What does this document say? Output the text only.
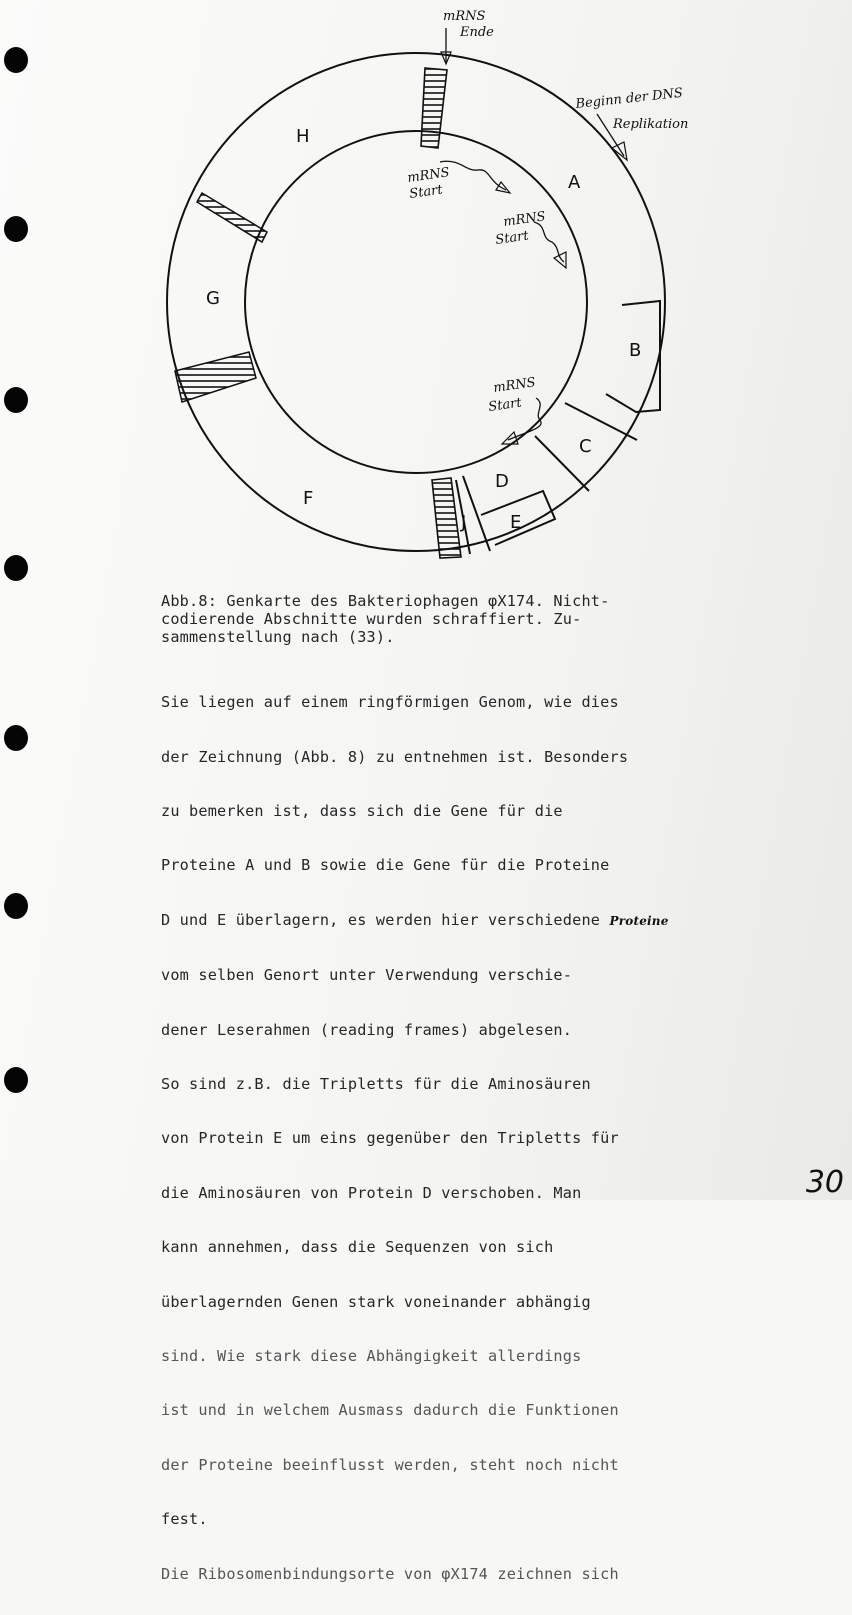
H
A
G
B
C
D
E
F
J
mRNS
Ende
Beginn der DNS
Replikation
mRNS
Start
mRNS
Start
mRNS
Start
Abb.8: Genkarte des Bakteriophagen φX174. Nicht-
codierende Abschnitte wurden schraffiert. Zu-
sammenstellung nach (33).

Sie liegen auf einem ringförmigen Genom, wie dies

der Zeichnung (Abb. 8) zu entnehmen ist. Besonders

zu bemerken ist, dass sich die Gene für die

Proteine A und B sowie die Gene für die Proteine

D und E überlagern, es werden hier verschiedene Proteine

vom selben Genort unter Verwendung verschie-

dener Leserahmen (reading frames) abgelesen.

So sind z.B. die Tripletts für die Aminosäuren

von Protein E um eins gegenüber den Tripletts für

die Aminosäuren von Protein D verschoben. Man

kann annehmen, dass die Sequenzen von sich

überlagernden Genen stark voneinander abhängig

sind. Wie stark diese Abhängigkeit allerdings

ist und in welchem Ausmass dadurch die Funktionen

der Proteine beeinflusst werden, steht noch nicht

fest.

Die Ribosomenbindungsorte von φX174 zeichnen sich

30
